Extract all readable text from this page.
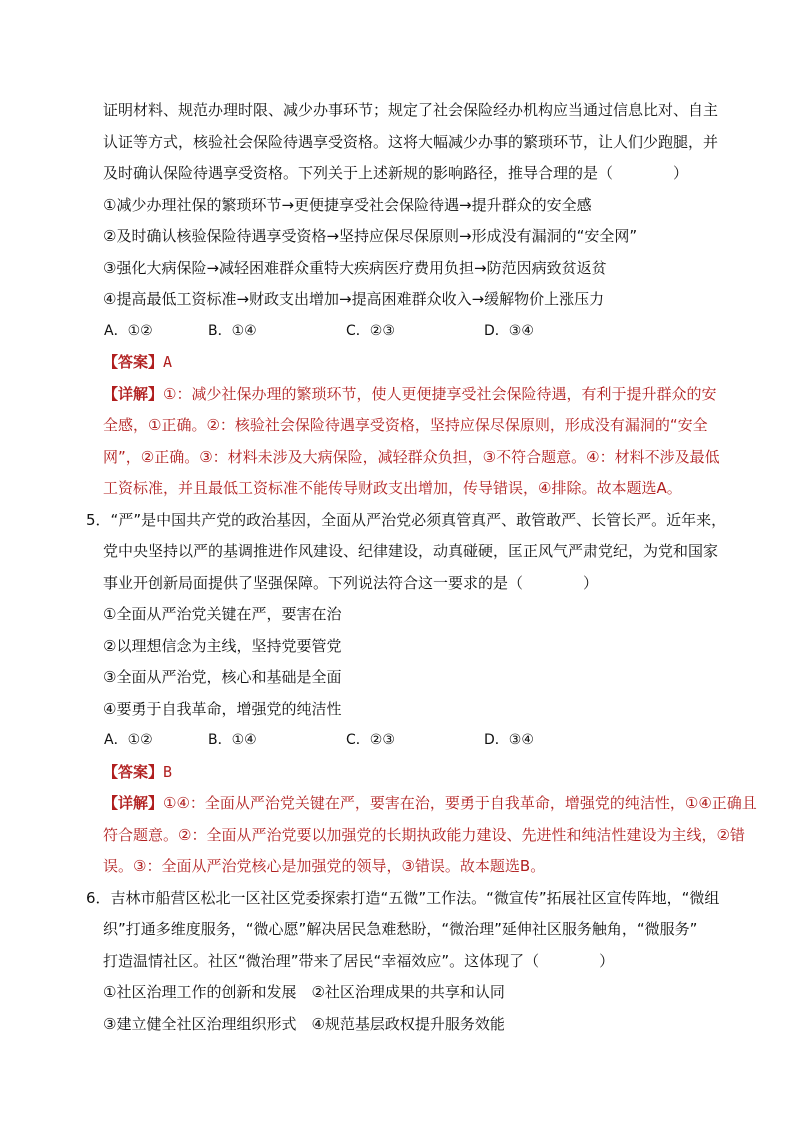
证明材料、规范办理时限、减少办事环节；规定了社会保险经办机构应当通过信息比对、自主
认证等方式，核验社会保险待遇享受资格。这将大幅减少办事的繁琐环节，让人们少跑腿，并
及时确认保险待遇享受资格。下列关于上述新规的影响路径，推导合理的是（　　　　）
①减少办理社保的繁琐环节→更便捷享受社会保险待遇→提升群众的安全感
②及时确认核验保险待遇享受资格→坚持应保尽保原则→形成没有漏洞的“安全网”
③强化大病保险→减轻困难群众重特大疾病医疗费用负担→防范因病致贫返贫
④提高最低工资标准→财政支出增加→提高困难群众收入→缓解物价上涨压力
A．①②	B．①④	C．②③	D．③④
【答案】A
【详解】①：减少社保办理的繁琐环节，使人更便捷享受社会保险待遇，有利于提升群众的安
全感，①正确。②：核验社会保险待遇享受资格，坚持应保尽保原则，形成没有漏洞的“安全
网”，②正确。③：材料未涉及大病保险，减轻群众负担，③不符合题意。④：材料不涉及最低
工资标准，并且最低工资标准不能传导财政支出增加，传导错误，④排除。故本题选A。
5．“严”是中国共产党的政治基因，全面从严治党必须真管真严、敢管敢严、长管长严。近年来，
党中央坚持以严的基调推进作风建设、纪律建设，动真碰硬，匡正风气严肃党纪，为党和国家
事业开创新局面提供了坚强保障。下列说法符合这一要求的是（　　　　）
①全面从严治党关键在严，要害在治
②以理想信念为主线，坚持党要管党
③全面从严治党，核心和基础是全面
④要勇于自我革命，增强党的纯洁性
A．①②	B．①④	C．②③	D．③④
【答案】B
【详解】①④：全面从严治党关键在严，要害在治，要勇于自我革命，增强党的纯洁性，①④正确且
符合题意。②：全面从严治党要以加强党的长期执政能力建设、先进性和纯洁性建设为主线，②错
误。③：全面从严治党核心是加强党的领导，③错误。故本题选B。
6．吉林市船营区松北一区社区党委探索打造“五微”工作法。“微宣传”拓展社区宣传阵地，“微组
织”打通多维度服务，“微心愿”解决居民急难愁盼，“微治理”延伸社区服务触角，“微服务”
打造温情社区。社区“微治理”带来了居民“幸福效应”。这体现了（　　　　）
①社区治理工作的创新和发展　②社区治理成果的共享和认同
③建立健全社区治理组织形式　④规范基层政权提升服务效能
